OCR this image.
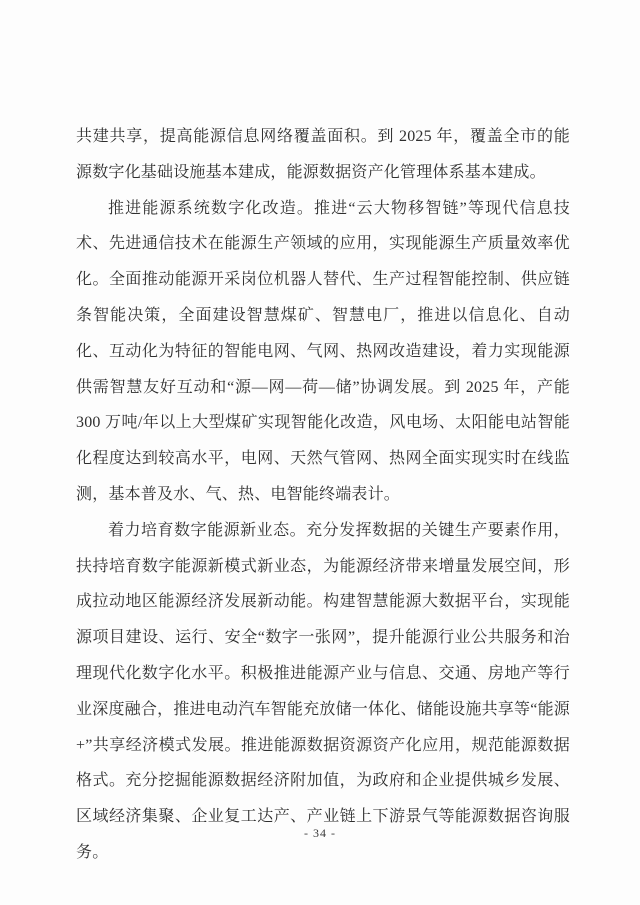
共建共享，提高能源信息网络覆盖面积。到 2025 年，覆盖全市的能源数字化基础设施基本建成，能源数据资产化管理体系基本建成。

推进能源系统数字化改造。推进“云大物移智链”等现代信息技术、先进通信技术在能源生产领域的应用，实现能源生产质量效率优化。全面推动能源开采岗位机器人替代、生产过程智能控制、供应链条智能决策，全面建设智慧煤矿、智慧电厂，推进以信息化、自动化、互动化为特征的智能电网、气网、热网改造建设，着力实现能源供需智慧友好互动和“源—网—荷—储”协调发展。到 2025 年，产能 300 万吨/年以上大型煤矿实现智能化改造，风电场、太阳能电站智能化程度达到较高水平，电网、天然气管网、热网全面实现实时在线监测，基本普及水、气、热、电智能终端表计。

着力培育数字能源新业态。充分发挥数据的关键生产要素作用，扶持培育数字能源新模式新业态，为能源经济带来增量发展空间，形成拉动地区能源经济发展新动能。构建智慧能源大数据平台，实现能源项目建设、运行、安全“数字一张网”，提升能源行业公共服务和治理现代化数字化水平。积极推进能源产业与信息、交通、房地产等行业深度融合，推进电动汽车智能充放储一体化、储能设施共享等“能源+”共享经济模式发展。推进能源数据资源资产化应用，规范能源数据格式。充分挖掘能源数据经济附加值，为政府和企业提供城乡发展、区域经济集聚、企业复工达产、产业链上下游景气等能源数据咨询服务。

- 34 -
